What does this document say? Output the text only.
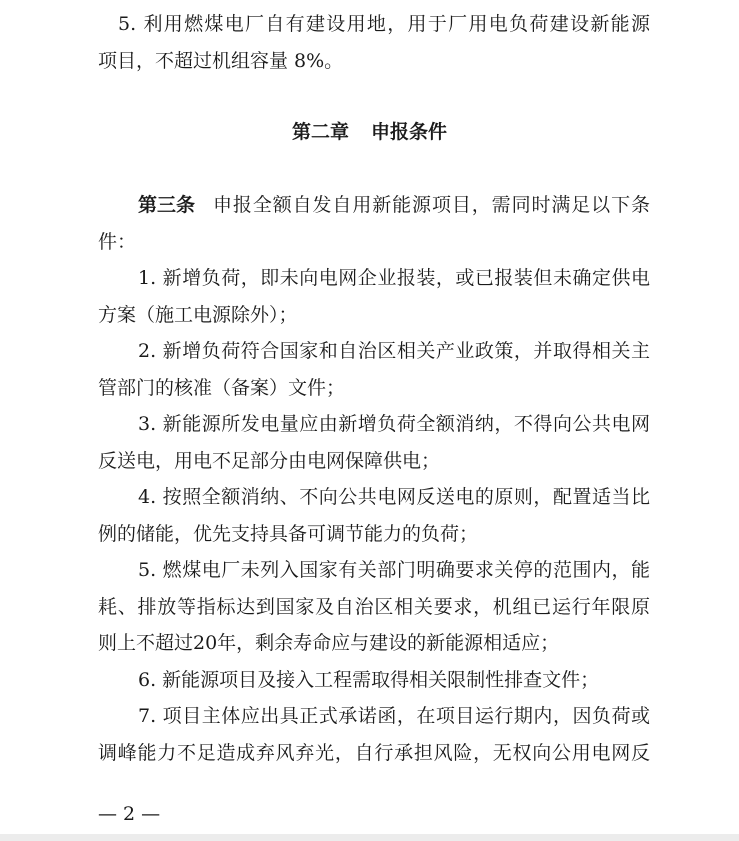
5. 利用燃煤电厂自有建设用地，用于厂用电负荷建设新能源
项目，不超过机组容量 8%。
第二章 申报条件
第三条 申报全额自发自用新能源项目，需同时满足以下条
件：
1. 新增负荷，即未向电网企业报装，或已报装但未确定供电
方案（施工电源除外）；
2. 新增负荷符合国家和自治区相关产业政策，并取得相关主
管部门的核准（备案）文件；
3. 新能源所发电量应由新增负荷全额消纳，不得向公共电网
反送电，用电不足部分由电网保障供电；
4. 按照全额消纳、不向公共电网反送电的原则，配置适当比
例的储能，优先支持具备可调节能力的负荷；
5. 燃煤电厂未列入国家有关部门明确要求关停的范围内，能
耗、排放等指标达到国家及自治区相关要求，机组已运行年限原
则上不超过20年，剩余寿命应与建设的新能源相适应；
6. 新能源项目及接入工程需取得相关限制性排查文件；
7. 项目主体应出具正式承诺函，在项目运行期内，因负荷或
调峰能力不足造成弃风弃光，自行承担风险，无权向公用电网反
— 2 —
